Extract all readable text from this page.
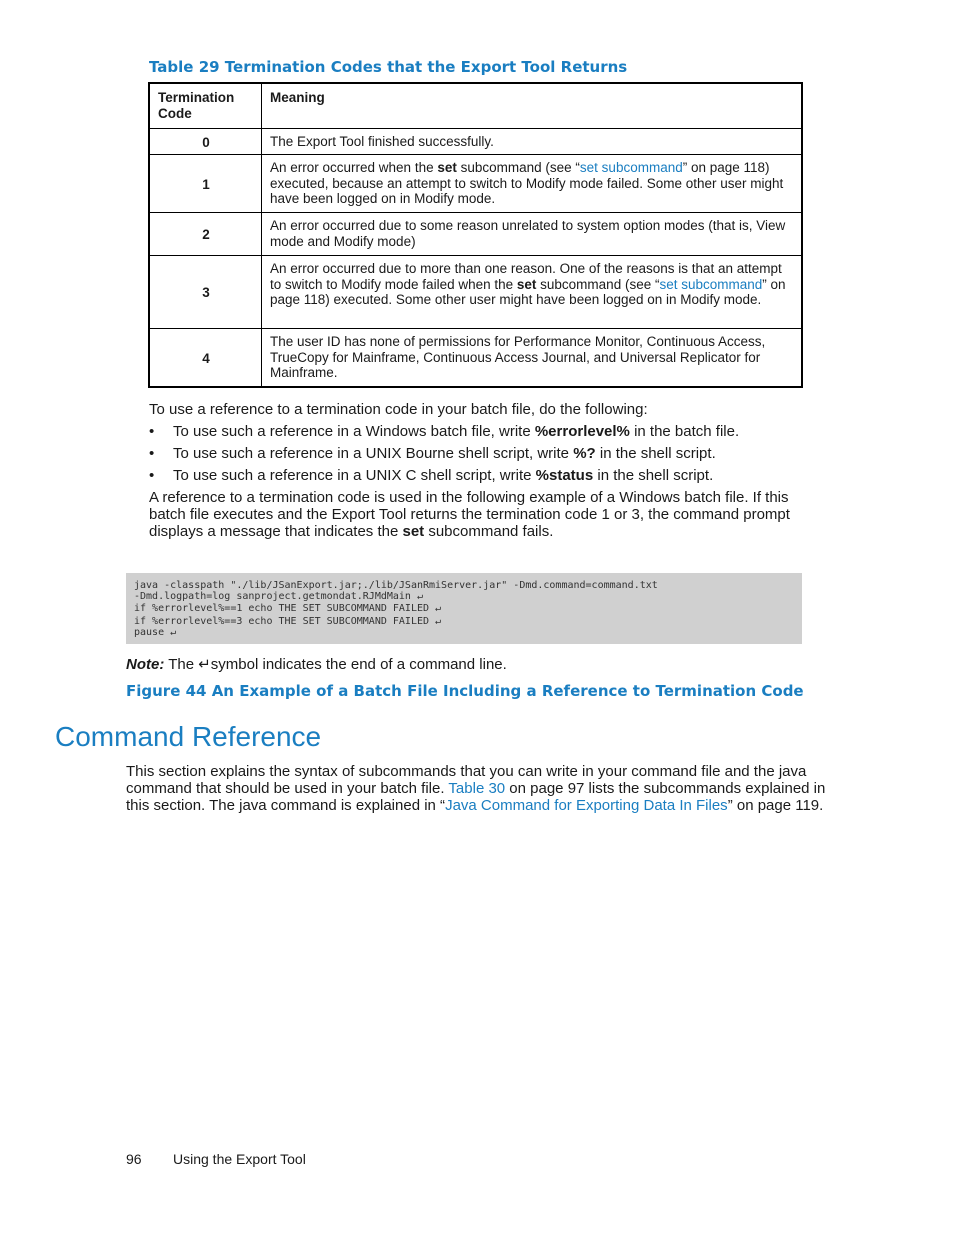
Table 29 Termination Codes that the Export Tool Returns
Termination Code	Meaning
0	The Export Tool finished successfully.
1	An error occurred when the set subcommand (see “set subcommand” on page 118) executed, because an attempt to switch to Modify mode failed. Some other user might have been logged on in Modify mode.
2	An error occurred due to some reason unrelated to system option modes (that is, View mode and Modify mode)
3	An error occurred due to more than one reason. One of the reasons is that an attempt to switch to Modify mode failed when the set subcommand (see “set subcommand” on page 118) executed. Some other user might have been logged on in Modify mode.
4	The user ID has none of permissions for Performance Monitor, Continuous Access, TrueCopy for Mainframe, Continuous Access Journal, and Universal Replicator for Mainframe.
To use a reference to a termination code in your batch file, do the following:
• To use such a reference in a Windows batch file, write %errorlevel% in the batch file.
• To use such a reference in a UNIX Bourne shell script, write %? in the shell script.
• To use such a reference in a UNIX C shell script, write %status in the shell script.
A reference to a termination code is used in the following example of a Windows batch file. If this batch file executes and the Export Tool returns the termination code 1 or 3, the command prompt displays a message that indicates the set subcommand fails.
java -classpath "./lib/JSanExport.jar;./lib/JSanRmiServer.jar" -Dmd.command=command.txt
-Dmd.logpath=log sanproject.getmondat.RJMdMain ↵
if %errorlevel%==1 echo THE SET SUBCOMMAND FAILED ↵
if %errorlevel%==3 echo THE SET SUBCOMMAND FAILED ↵
pause ↵
Note: The ↵symbol indicates the end of a command line.
Figure 44 An Example of a Batch File Including a Reference to Termination Code
Command Reference
This section explains the syntax of subcommands that you can write in your command file and the java command that should be used in your batch file. Table 30 on page 97 lists the subcommands explained in this section. The java command is explained in “Java Command for Exporting Data In Files” on page 119.
96 Using the Export Tool
